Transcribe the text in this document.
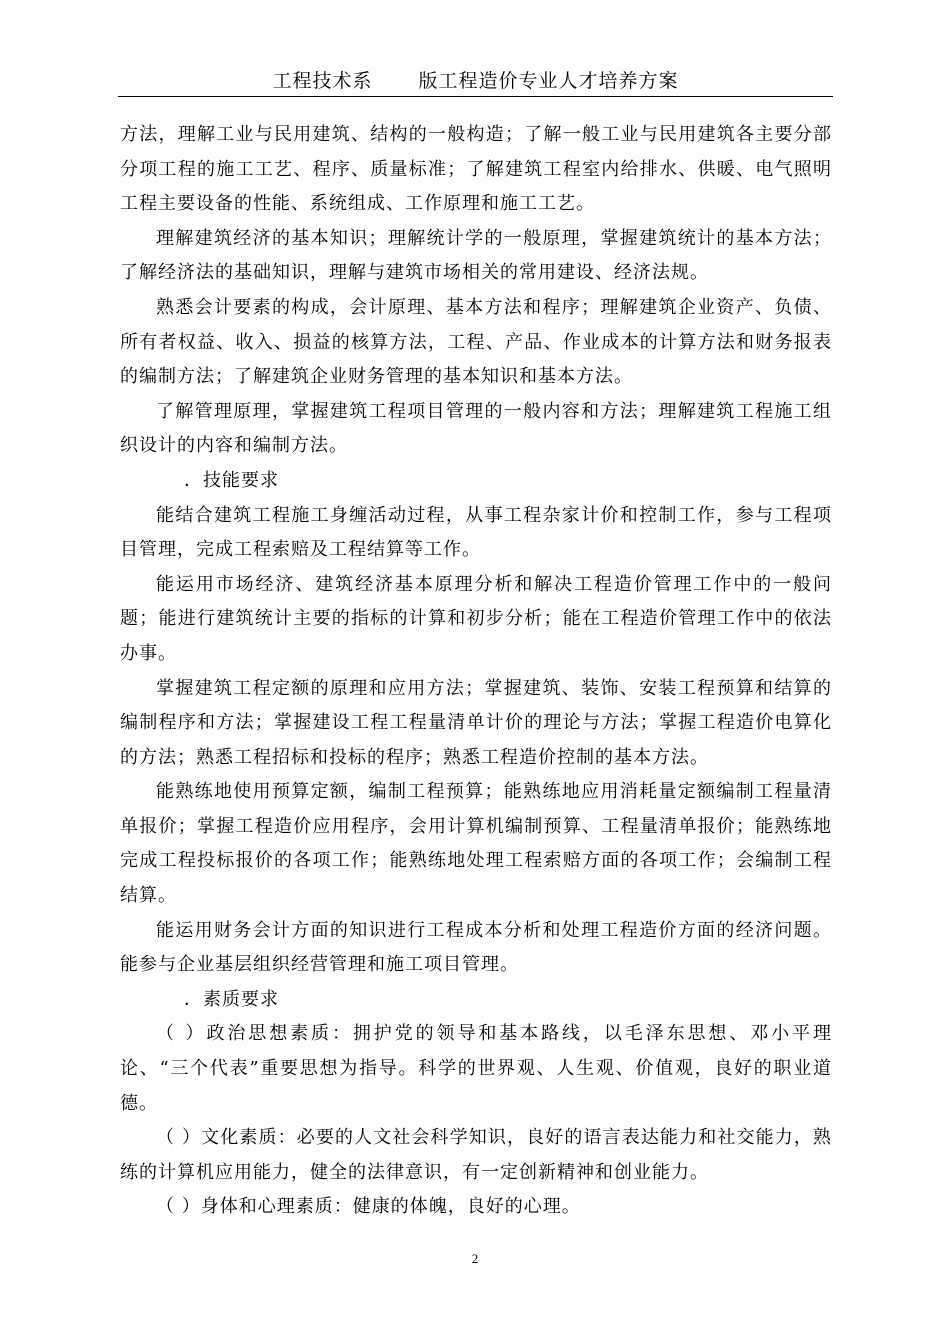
工程技术系 版工程造价专业人才培养方案

方法，理解工业与民用建筑、结构的一般构造；了解一般工业与民用建筑各主要分部分项工程的施工工艺、程序、质量标准；了解建筑工程室内给排水、供暖、电气照明工程主要设备的性能、系统组成、工作原理和施工工艺。

理解建筑经济的基本知识；理解统计学的一般原理，掌握建筑统计的基本方法；了解经济法的基础知识，理解与建筑市场相关的常用建设、经济法规。

熟悉会计要素的构成，会计原理、基本方法和程序；理解建筑企业资产、负债、所有者权益、收入、损益的核算方法，工程、产品、作业成本的计算方法和财务报表的编制方法；了解建筑企业财务管理的基本知识和基本方法。

了解管理原理，掌握建筑工程项目管理的一般内容和方法；理解建筑工程施工组织设计的内容和编制方法。

．技能要求

能结合建筑工程施工身缠活动过程，从事工程杂家计价和控制工作，参与工程项目管理，完成工程索赔及工程结算等工作。

能运用市场经济、建筑经济基本原理分析和解决工程造价管理工作中的一般问题；能进行建筑统计主要的指标的计算和初步分析；能在工程造价管理工作中的依法办事。

掌握建筑工程定额的原理和应用方法；掌握建筑、装饰、安装工程预算和结算的编制程序和方法；掌握建设工程工程量清单计价的理论与方法；掌握工程造价电算化的方法；熟悉工程招标和投标的程序；熟悉工程造价控制的基本方法。

能熟练地使用预算定额，编制工程预算；能熟练地应用消耗量定额编制工程量清单报价；掌握工程造价应用程序，会用计算机编制预算、工程量清单报价；能熟练地完成工程投标报价的各项工作；能熟练地处理工程索赔方面的各项工作；会编制工程结算。

能运用财务会计方面的知识进行工程成本分析和处理工程造价方面的经济问题。能参与企业基层组织经营管理和施工项目管理。

．素质要求

（ ）政治思想素质：拥护党的领导和基本路线，以毛泽东思想、邓小平理论、“三个代表”重要思想为指导。科学的世界观、人生观、价值观，良好的职业道德。

（ ）文化素质：必要的人文社会科学知识，良好的语言表达能力和社交能力，熟练的计算机应用能力，健全的法律意识，有一定创新精神和创业能力。

（ ）身体和心理素质：健康的体魄，良好的心理。

2
